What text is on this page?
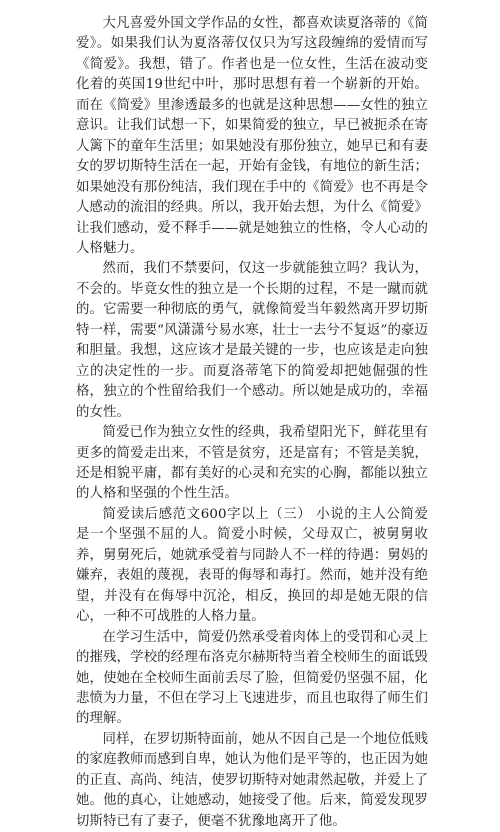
大凡喜爱外国文学作品的女性，都喜欢读夏洛蒂的《简爱》。如果我们认为夏洛蒂仅仅只为写这段缠绵的爱情而写《简爱》。我想，错了。作者也是一位女性，生活在波动变化着的英国19世纪中叶，那时思想有着一个崭新的开始。而在《简爱》里渗透最多的也就是这种思想——女性的独立意识。让我们试想一下，如果简爱的独立，早已被扼杀在寄人篱下的童年生活里；如果她没有那份独立，她早已和有妻女的罗切斯特生活在一起，开始有金钱，有地位的新生活；如果她没有那份纯洁，我们现在手中的《简爱》也不再是令人感动的流泪的经典。所以，我开始去想，为什么《简爱》让我们感动，爱不释手——就是她独立的性格，令人心动的人格魅力。

然而，我们不禁要问，仅这一步就能独立吗？我认为，不会的。毕竟女性的独立是一个长期的过程，不是一蹴而就的。它需要一种彻底的勇气，就像简爱当年毅然离开罗切斯特一样，需要“风潇潇兮易水寒，壮士一去兮不复返”的豪迈和胆量。我想，这应该才是最关键的一步，也应该是走向独立的决定性的一步。而夏洛蒂笔下的简爱却把她倔强的性格，独立的个性留给我们一个感动。所以她是成功的，幸福的女性。

简爱已作为独立女性的经典，我希望阳光下，鲜花里有更多的简爱走出来，不管是贫穷，还是富有；不管是美貌，还是相貌平庸，都有美好的心灵和充实的心胸，都能以独立的人格和坚强的个性生活。

简爱读后感范文600字以上（三） 小说的主人公简爱是一个坚强不屈的人。简爱小时候，父母双亡，被舅舅收养，舅舅死后，她就承受着与同龄人不一样的待遇：舅妈的嫌弃，表姐的蔑视，表哥的侮辱和毒打。然而，她并没有绝望，并没有在侮辱中沉沦，相反，换回的却是她无限的信心，一种不可战胜的人格力量。

在学习生活中，简爱仍然承受着肉体上的受罚和心灵上的摧残，学校的经理布洛克尔赫斯特当着全校师生的面诋毁她，使她在全校师生面前丢尽了脸，但简爱仍坚强不屈，化悲愤为力量，不但在学习上飞速进步，而且也取得了师生们的理解。

同样，在罗切斯特面前，她从不因自己是一个地位低贱的家庭教师而感到自卑，她认为他们是平等的，也正因为她的正直、高尚、纯洁，使罗切斯特对她肃然起敬，并爱上了她。他的真心，让她感动，她接受了他。后来，简爱发现罗切斯特已有了妻子，便毫不犹豫地离开了他。
